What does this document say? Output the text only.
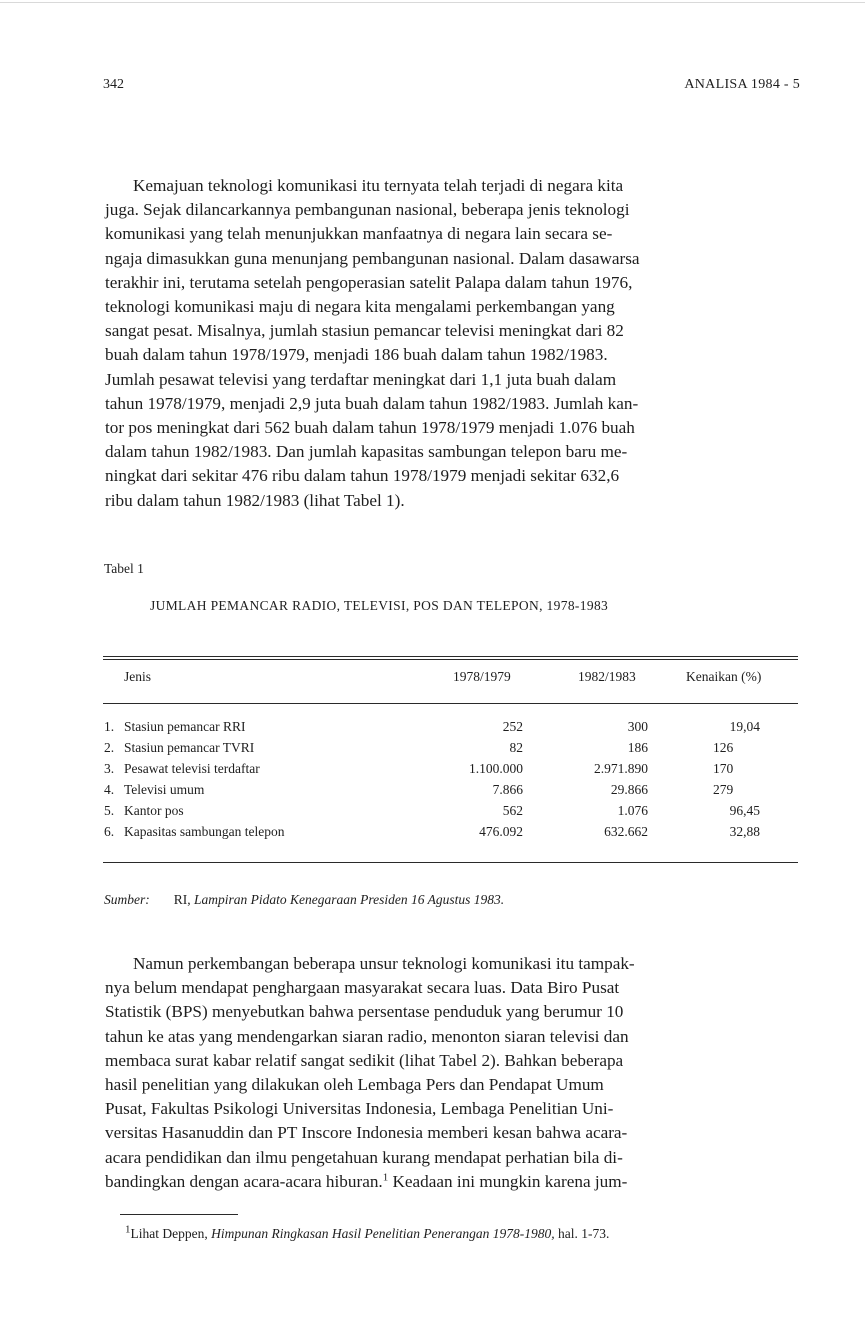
342	ANALISA 1984 - 5
Kemajuan teknologi komunikasi itu ternyata telah terjadi di negara kita
juga. Sejak dilancarkannya pembangunan nasional, beberapa jenis teknologi
komunikasi yang telah menunjukkan manfaatnya di negara lain secara se-
ngaja dimasukkan guna menunjang pembangunan nasional. Dalam dasawarsa
terakhir ini, terutama setelah pengoperasian satelit Palapa dalam tahun 1976,
teknologi komunikasi maju di negara kita mengalami perkembangan yang
sangat pesat. Misalnya, jumlah stasiun pemancar televisi meningkat dari 82
buah dalam tahun 1978/1979, menjadi 186 buah dalam tahun 1982/1983.
Jumlah pesawat televisi yang terdaftar meningkat dari 1,1 juta buah dalam
tahun 1978/1979, menjadi 2,9 juta buah dalam tahun 1982/1983. Jumlah kan-
tor pos meningkat dari 562 buah dalam tahun 1978/1979 menjadi 1.076 buah
dalam tahun 1982/1983. Dan jumlah kapasitas sambungan telepon baru me-
ningkat dari sekitar 476 ribu dalam tahun 1978/1979 menjadi sekitar 632,6
ribu dalam tahun 1982/1983 (lihat Tabel 1).
Tabel 1
JUMLAH PEMANCAR RADIO, TELEVISI, POS DAN TELEPON, 1978-1983
Jenis	1978/1979	1982/1983	Kenaikan (%)
1. Stasiun pemancar RRI	252	300	19,04
2. Stasiun pemancar TVRI	82	186	126
3. Pesawat televisi terdaftar	1.100.000	2.971.890	170
4. Televisi umum	7.866	29.866	279
5. Kantor pos	562	1.076	96,45
6. Kapasitas sambungan telepon	476.092	632.662	32,88
Sumber: RI, Lampiran Pidato Kenegaraan Presiden 16 Agustus 1983.
Namun perkembangan beberapa unsur teknologi komunikasi itu tampak-
nya belum mendapat penghargaan masyarakat secara luas. Data Biro Pusat
Statistik (BPS) menyebutkan bahwa persentase penduduk yang berumur 10
tahun ke atas yang mendengarkan siaran radio, menonton siaran televisi dan
membaca surat kabar relatif sangat sedikit (lihat Tabel 2). Bahkan beberapa
hasil penelitian yang dilakukan oleh Lembaga Pers dan Pendapat Umum
Pusat, Fakultas Psikologi Universitas Indonesia, Lembaga Penelitian Uni-
versitas Hasanuddin dan PT Inscore Indonesia memberi kesan bahwa acara-
acara pendidikan dan ilmu pengetahuan kurang mendapat perhatian bila di-
bandingkan dengan acara-acara hiburan.$^1$ Keadaan ini mungkin karena jum-
$^1$Lihat Deppen, Himpunan Ringkasan Hasil Penelitian Penerangan 1978-1980, hal. 1-73.
